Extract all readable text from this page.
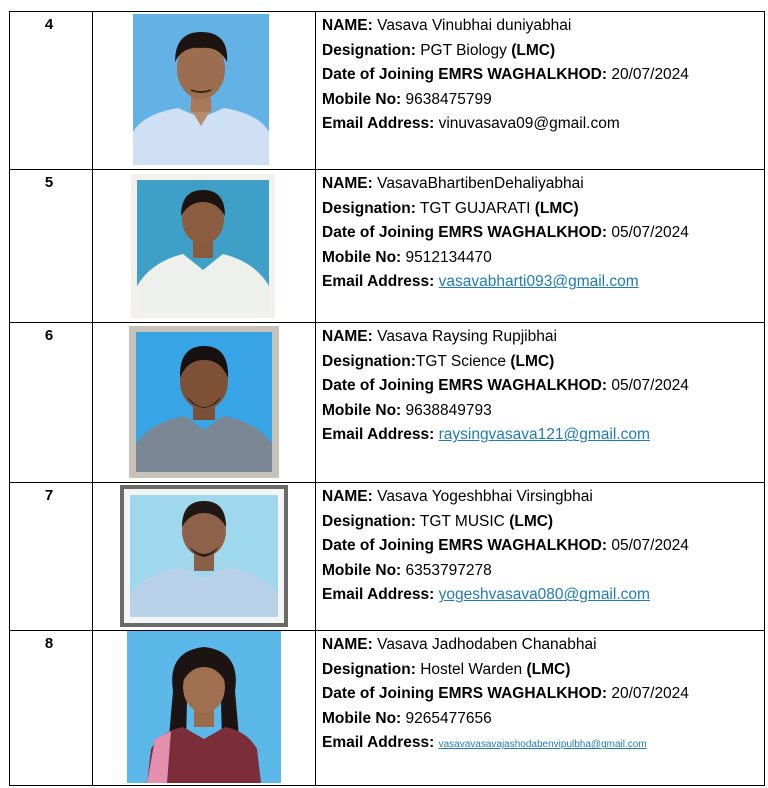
4		NAME: Vasava Vinubhai duniyabhai
Designation: PGT Biology (LMC)
Date of Joining EMRS WAGHALKHOD: 20/07/2024
Mobile No: 9638475799
Email Address: vinuvasava09@gmail.com

5		NAME: VasavaBhartibenDehaliyabhai
Designation: TGT GUJARATI (LMC)
Date of Joining EMRS WAGHALKHOD: 05/07/2024
Mobile No: 9512134470
Email Address: vasavabharti093@gmail.com

6		NAME: Vasava Raysing Rupjibhai
Designation:TGT Science (LMC)
Date of Joining EMRS WAGHALKHOD: 05/07/2024
Mobile No: 9638849793
Email Address: raysingvasava121@gmail.com

7		NAME: Vasava Yogeshbhai Virsingbhai
Designation: TGT MUSIC (LMC)
Date of Joining EMRS WAGHALKHOD: 05/07/2024
Mobile No: 6353797278
Email Address: yogeshvasava080@gmail.com

8		NAME: Vasava Jadhodaben Chanabhai
Designation: Hostel Warden (LMC)
Date of Joining EMRS WAGHALKHOD: 20/07/2024
Mobile No: 9265477656
Email Address: vasavavasavajashodabenvipulbha@gmail.com
